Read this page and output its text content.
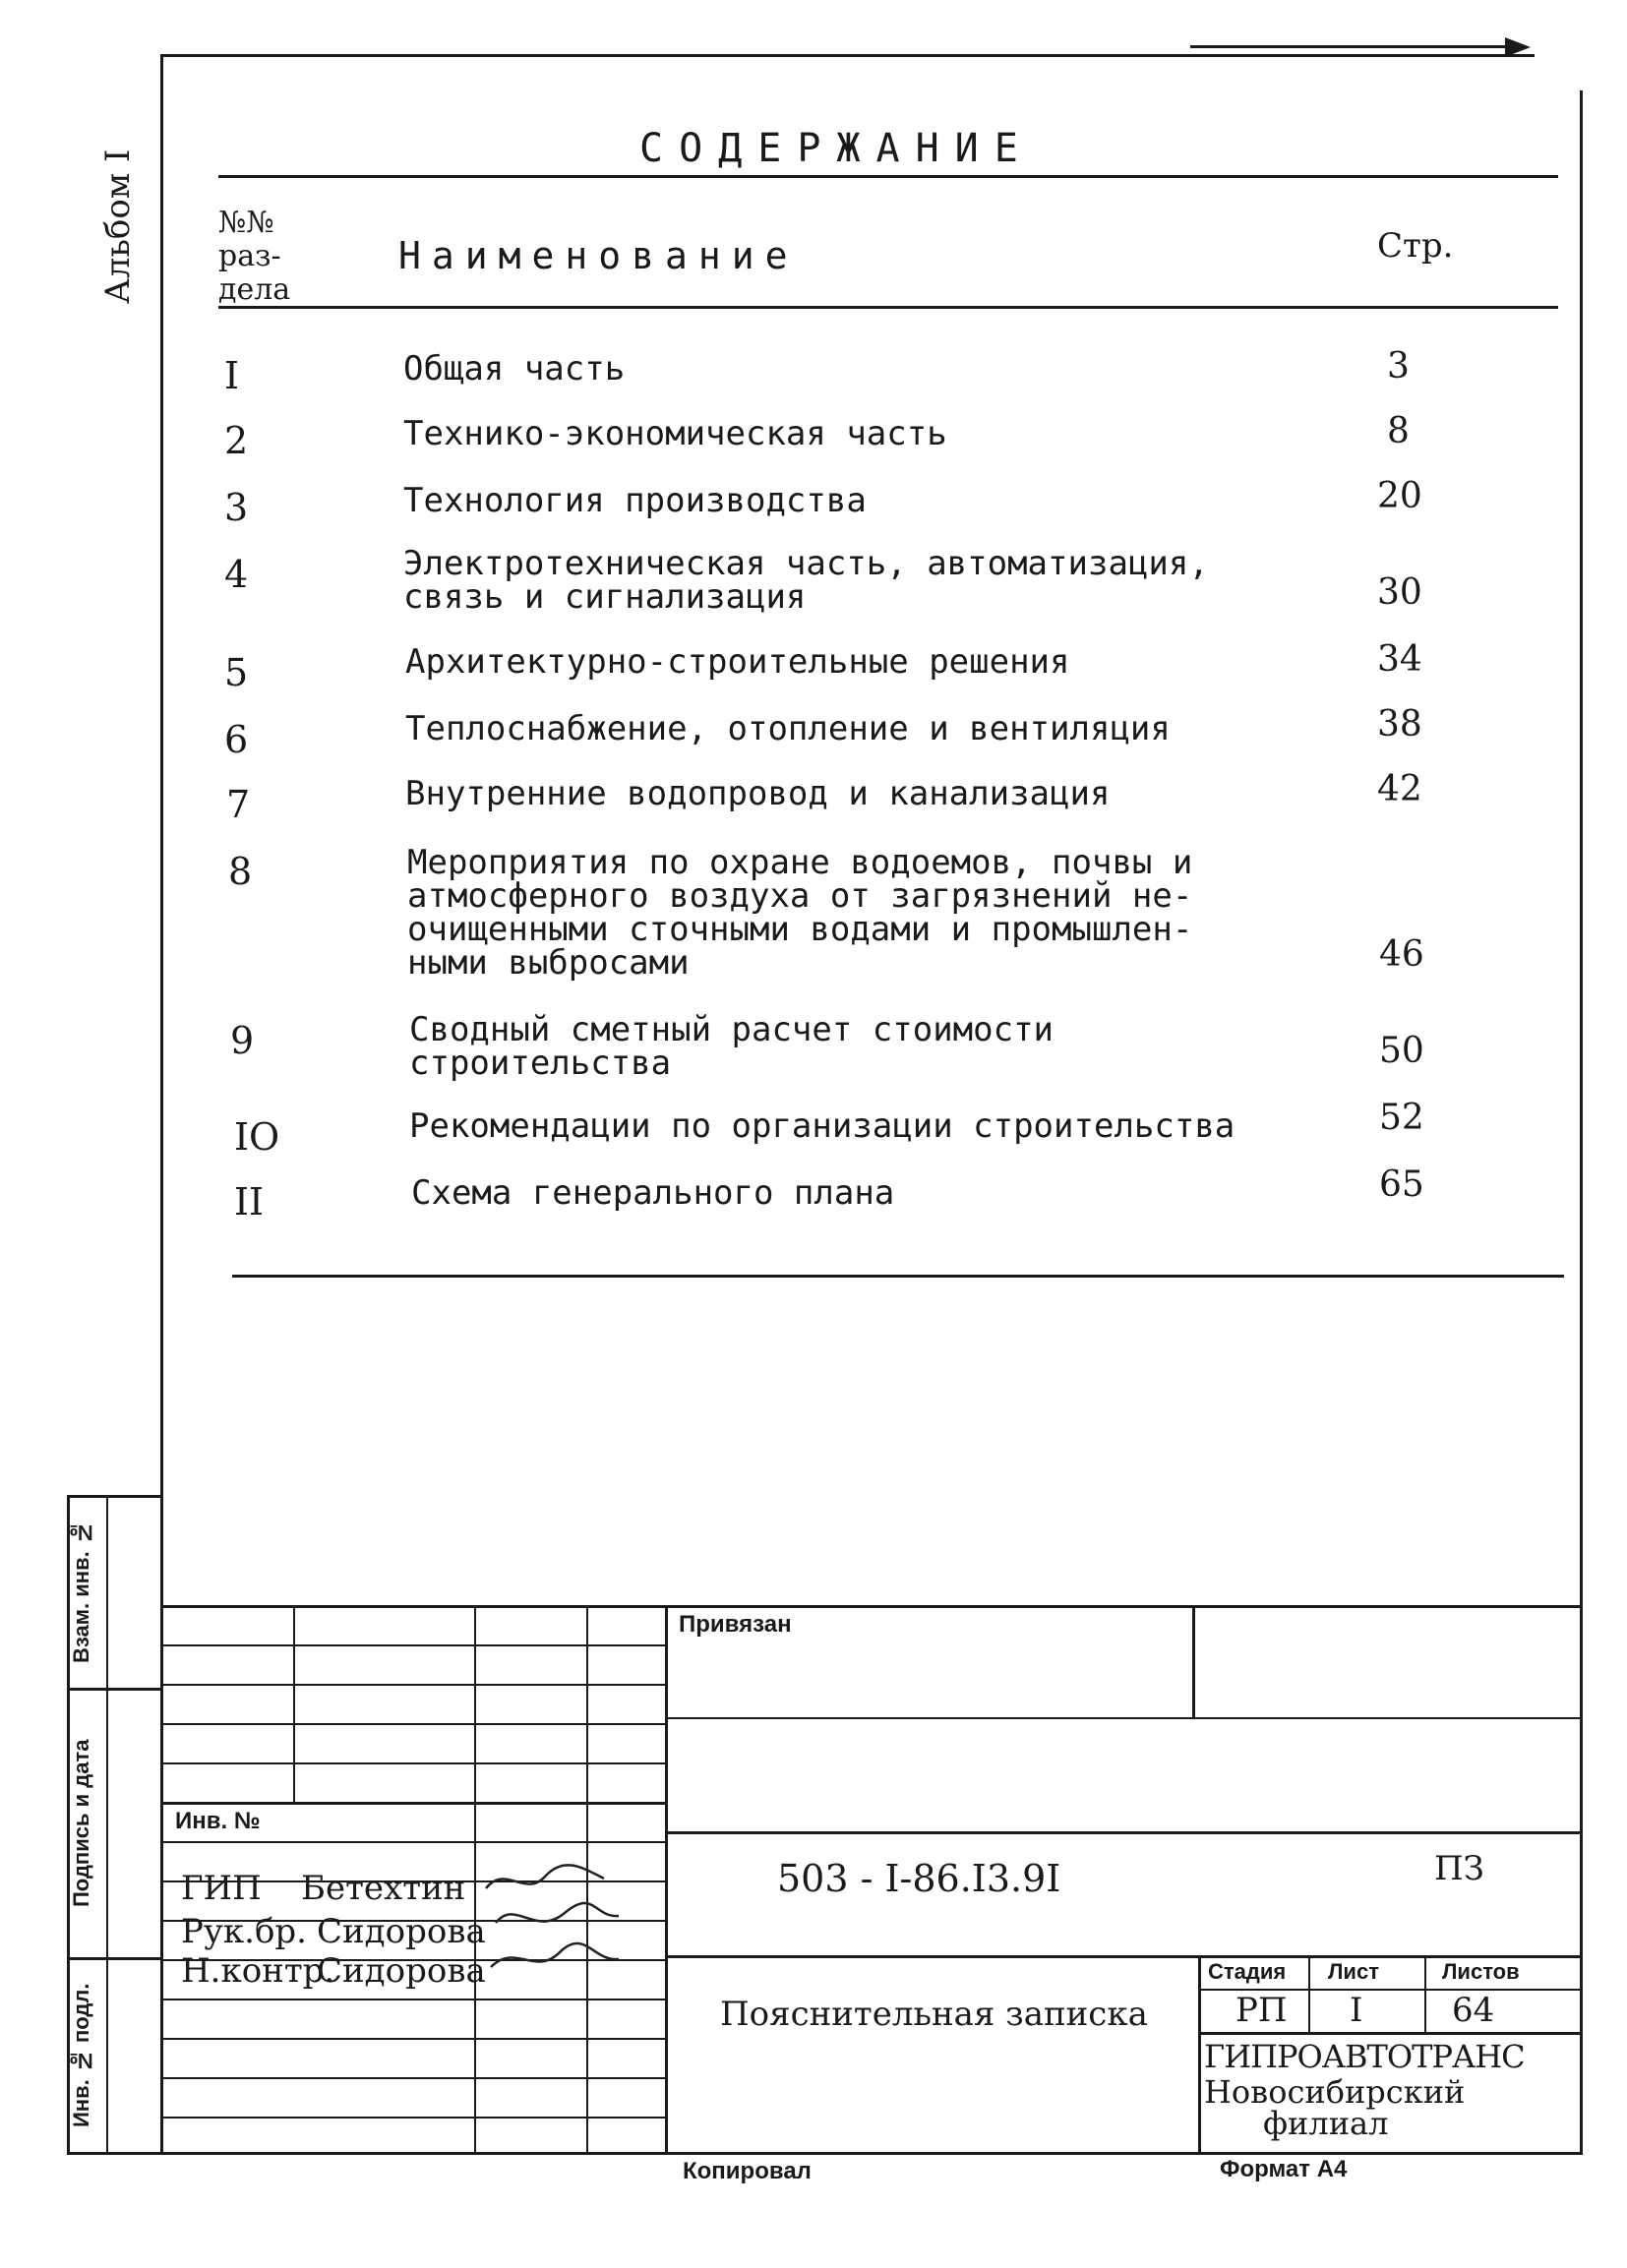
Альбом I
СОДЕРЖАНИЕ
№№
раз-
дела
Наименование	Стр.
I	Общая часть	3
2	Технико-экономическая часть	8
3	Технология производства	20
4	Электротехническая часть, автоматизация,
связь и сигнализация	30
5	Архитектурно-строительные решения	34
6	Теплоснабжение, отопление и вентиляция	38
7	Внутренние водопровод и канализация	42
8	Мероприятия по охране водоемов, почвы и
атмосферного воздуха от загрязнений не-
очищенными сточными водами и промышлен-
ными выбросами	46
9	Сводный сметный расчет стоимости
строительства	50
IO	Рекомендации по организации строительства	52
II	Схема генерального плана	65
Взам. инв. №
Подпись и дата
Инв. № подл.
Привязан
Инв. №
ГИП Бетехтин
Рук.бр. Сидорова
Н.контр.
Сидорова
503 - I-86.I3.9I	ПЗ
Пояснительная записка
Стадия Лист	Листов
РП I	64
ГИПРОАВТОТРАНС
Новосибирский
филиал
Копировал	Формат А4
